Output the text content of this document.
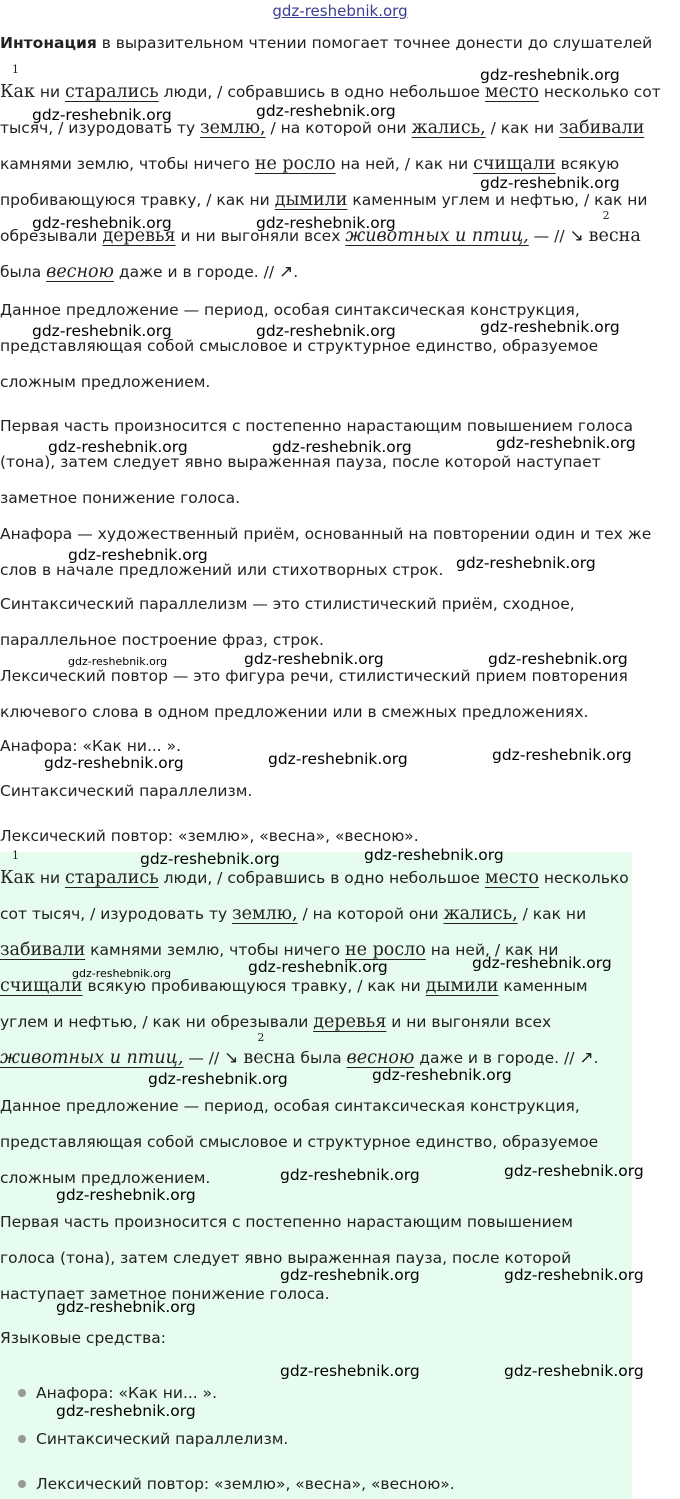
gdz-reshebnik.org

Интонация в выразительном чтении помогает точнее донести до слушателей

1
Как ни старались люди, / собравшись в одно небольшое место несколько сот тысяч, / изуродовать ту землю, / на которой они жались, / как ни забивали камнями землю, чтобы ничего не росло на ней, / как ни счищали всякую пробивающуюся травку, / как ни дымили каменным углем и нефтью, / как ни обрезывали деревья и ни выгоняли всех животных и птиц, — // ↘
2
весна была весною даже и в городе. // ↗.

Данное предложение — период, особая синтаксическая конструкция, представляющая собой смысловое и структурное единство, образуемое сложным предложением.

Первая часть произносится с постепенно нарастающим повышением голоса (тона), затем следует явно выраженная пауза, после которой наступает заметное понижение голоса.

Анафора — художественный приём, основанный на повторении один и тех же слов в начале предложений или стихотворных строк.

Синтаксический параллелизм — это стилистический приём, сходное, параллельное построение фраз, строк.

Лексический повтор — это фигура речи, стилистический прием повторения ключевого слова в одном предложении или в смежных предложениях.

Анафора: «Как ни... ».

Синтаксический параллелизм.

Лексический повтор: «землю», «весна», «весною».

1
Как ни старались люди, / собравшись в одно небольшое место несколько сот тысяч, / изуродовать ту землю, / на которой они жались, / как ни забивали камнями землю, чтобы ничего не росло на ней, / как ни счищали всякую пробивающуюся травку, / как ни дымили каменным углем и нефтью, / как ни обрезывали деревья и ни выгоняли всех животных и птиц, — // ↘
2
весна была весною даже и в городе. // ↗.

Данное предложение — период, особая синтаксическая конструкция, представляющая собой смысловое и структурное единство, образуемое сложным предложением.

Первая часть произносится с постепенно нарастающим повышением голоса (тона), затем следует явно выраженная пауза, после которой наступает заметное понижение голоса.

Языковые средства:

Анафора: «Как ни... ».
Синтаксический параллелизм.
Лексический повтор: «землю», «весна», «весною».
gdz-reshebnik.org
gdz-reshebnik.org	gdz-reshebnik.org
gdz-reshebnik.org
gdz-reshebnik.org	gdz-reshebnik.org
gdz-reshebnik.org	gdz-reshebnik.org	gdz-reshebnik.org
gdz-reshebnik.org	gdz-reshebnik.org	gdz-reshebnik.org
gdz-reshebnik.org	gdz-reshebnik.org
gdz-reshebnik.org	gdz-reshebnik.org	gdz-reshebnik.org
gdz-reshebnik.org	gdz-reshebnik.org	gdz-reshebnik.org
gdz-reshebnik.org	gdz-reshebnik.org
gdz-reshebnik.org	gdz-reshebnik.org	gdz-reshebnik.org
gdz-reshebnik.org	gdz-reshebnik.org
gdz-reshebnik.org	gdz-reshebnik.org
gdz-reshebnik.org
gdz-reshebnik.org	gdz-reshebnik.org
gdz-reshebnik.org
gdz-reshebnik.org	gdz-reshebnik.org
gdz-reshebnik.org
